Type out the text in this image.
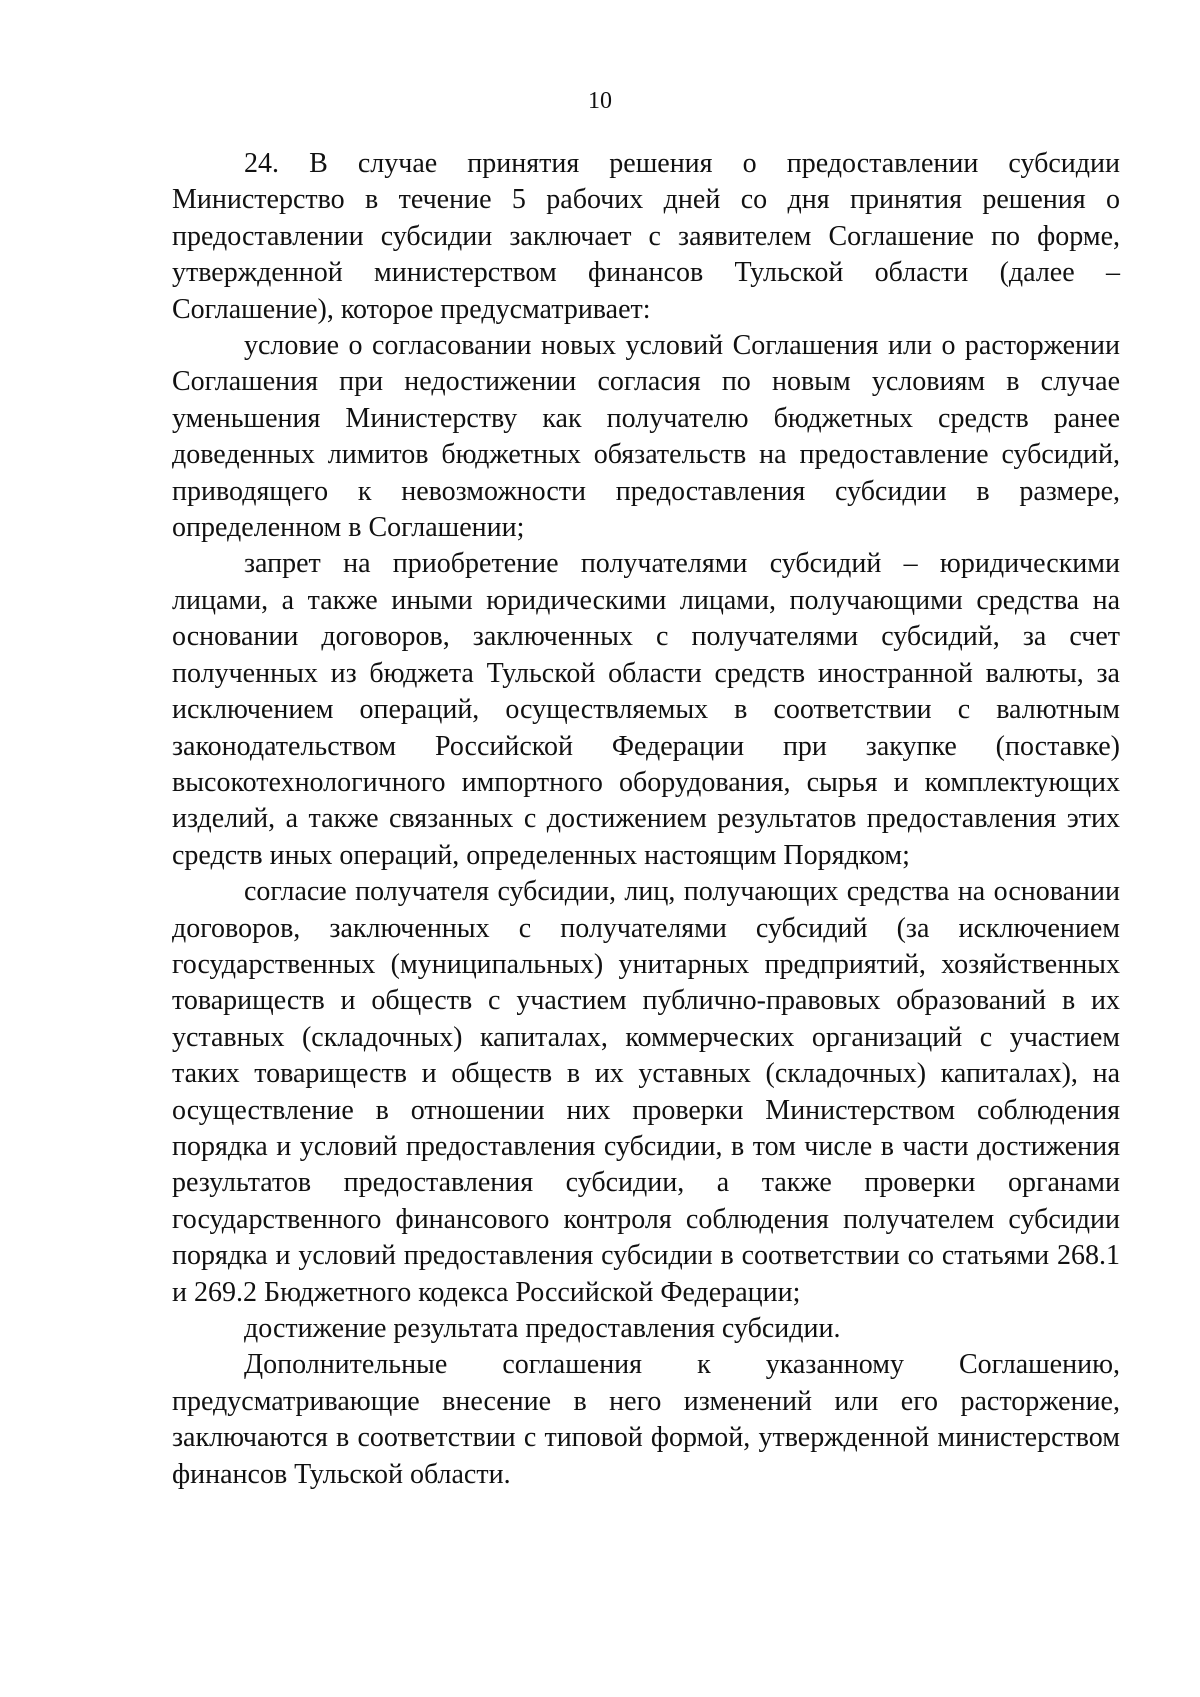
10

24. В случае принятия решения о предоставлении субсидии Министерство в течение 5 рабочих дней со дня принятия решения о предоставлении субсидии заключает с заявителем Соглашение по форме, утвержденной министерством финансов Тульской области (далее – Соглашение), которое предусматривает:

условие о согласовании новых условий Соглашения или о расторжении Соглашения при недостижении согласия по новым условиям в случае уменьшения Министерству как получателю бюджетных средств ранее доведенных лимитов бюджетных обязательств на предоставление субсидий, приводящего к невозможности предоставления субсидии в размере, определенном в Соглашении;

запрет на приобретение получателями субсидий – юридическими лицами, а также иными юридическими лицами, получающими средства на основании договоров, заключенных с получателями субсидий, за счет полученных из бюджета Тульской области средств иностранной валюты, за исключением операций, осуществляемых в соответствии с валютным законодательством Российской Федерации при закупке (поставке) высокотехнологичного импортного оборудования, сырья и комплектующих изделий, а также связанных с достижением результатов предоставления этих средств иных операций, определенных настоящим Порядком;

согласие получателя субсидии, лиц, получающих средства на основании договоров, заключенных с получателями субсидий (за исключением государственных (муниципальных) унитарных предприятий, хозяйственных товариществ и обществ с участием публично-правовых образований в их уставных (складочных) капиталах, коммерческих организаций с участием таких товариществ и обществ в их уставных (складочных) капиталах), на осуществление в отношении них проверки Министерством соблюдения порядка и условий предоставления субсидии, в том числе в части достижения результатов предоставления субсидии, а также проверки органами государственного финансового контроля соблюдения получателем субсидии порядка и условий предоставления субсидии в соответствии со статьями 268.1 и 269.2 Бюджетного кодекса Российской Федерации;

достижение результата предоставления субсидии.

Дополнительные соглашения к указанному Соглашению, предусматривающие внесение в него изменений или его расторжение, заключаются в соответствии с типовой формой, утвержденной министерством финансов Тульской области.
